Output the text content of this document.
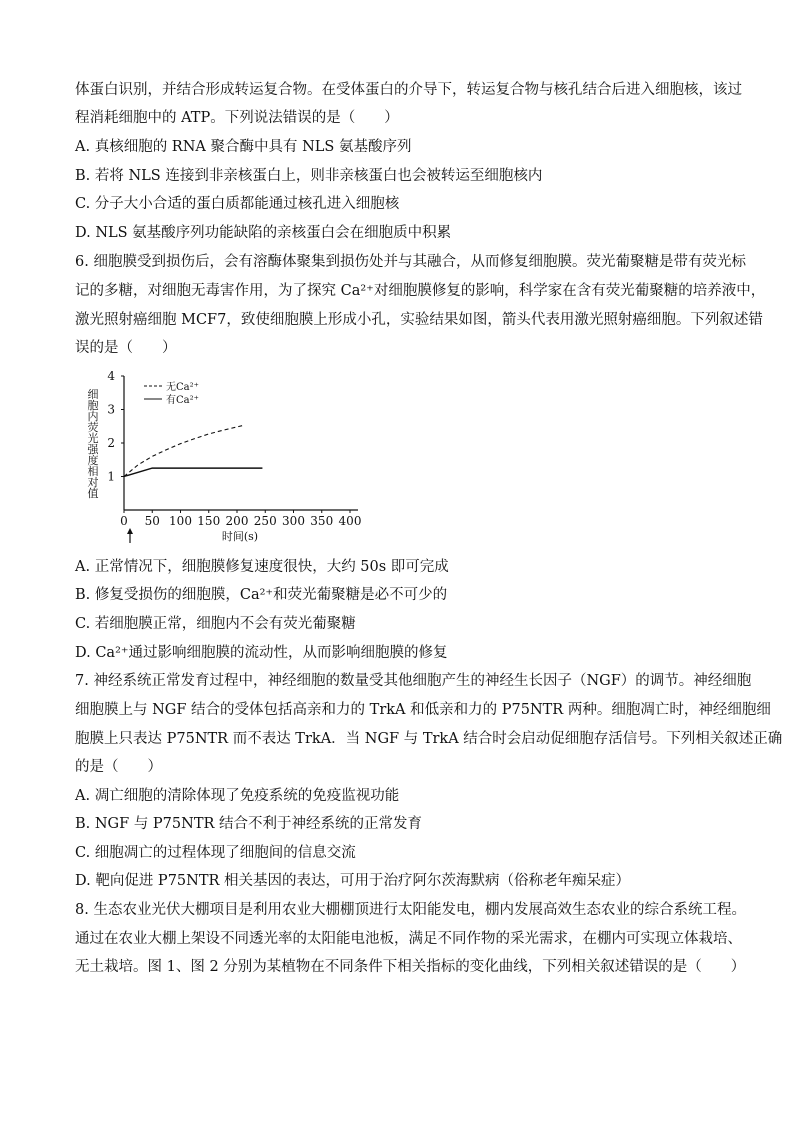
体蛋白识别，并结合形成转运复合物。在受体蛋白的介导下，转运复合物与核孔结合后进入细胞核，该过
程消耗细胞中的 ATP。下列说法错误的是（　　）
A. 真核细胞的 RNA 聚合酶中具有 NLS 氨基酸序列
B. 若将 NLS 连接到非亲核蛋白上，则非亲核蛋白也会被转运至细胞核内
C. 分子大小合适的蛋白质都能通过核孔进入细胞核
D. NLS 氨基酸序列功能缺陷的亲核蛋白会在细胞质中积累
6. 细胞膜受到损伤后，会有溶酶体聚集到损伤处并与其融合，从而修复细胞膜。荧光葡聚糖是带有荧光标
记的多糖，对细胞无毒害作用，为了探究 Ca²⁺对细胞膜修复的影响，科学家在含有荧光葡聚糖的培养液中，
激光照射癌细胞 MCF7，致使细胞膜上形成小孔，实验结果如图，箭头代表用激光照射癌细胞。下列叙述错
误的是（　　）
0 50 100 150 200 250 300 350 400
1
2
3
4
时间(s)
细
胞
内
荧
光
强
度
相
对
值
无Ca²⁺
有Ca²⁺
A. 正常情况下，细胞膜修复速度很快，大约 50s 即可完成
B. 修复受损伤的细胞膜，Ca²⁺和荧光葡聚糖是必不可少的
C. 若细胞膜正常，细胞内不会有荧光葡聚糖
D. Ca²⁺通过影响细胞膜的流动性，从而影响细胞膜的修复
7. 神经系统正常发育过程中，神经细胞的数量受其他细胞产生的神经生长因子（NGF）的调节。神经细胞
细胞膜上与 NGF 结合的受体包括高亲和力的 TrkA 和低亲和力的 P75NTR 两种。细胞凋亡时，神经细胞细
胞膜上只表达 P75NTR 而不表达 TrkA．当 NGF 与 TrkA 结合时会启动促细胞存活信号。下列相关叙述正确
的是（　　）
A. 凋亡细胞的清除体现了免疫系统的免疫监视功能
B. NGF 与 P75NTR 结合不利于神经系统的正常发育
C. 细胞凋亡的过程体现了细胞间的信息交流
D. 靶向促进 P75NTR 相关基因的表达，可用于治疗阿尔茨海默病（俗称老年痴呆症）
8. 生态农业光伏大棚项目是利用农业大棚棚顶进行太阳能发电，棚内发展高效生态农业的综合系统工程。
通过在农业大棚上架设不同透光率的太阳能电池板，满足不同作物的采光需求，在棚内可实现立体栽培、
无土栽培。图 1、图 2 分别为某植物在不同条件下相关指标的变化曲线，下列相关叙述错误的是（　　）
